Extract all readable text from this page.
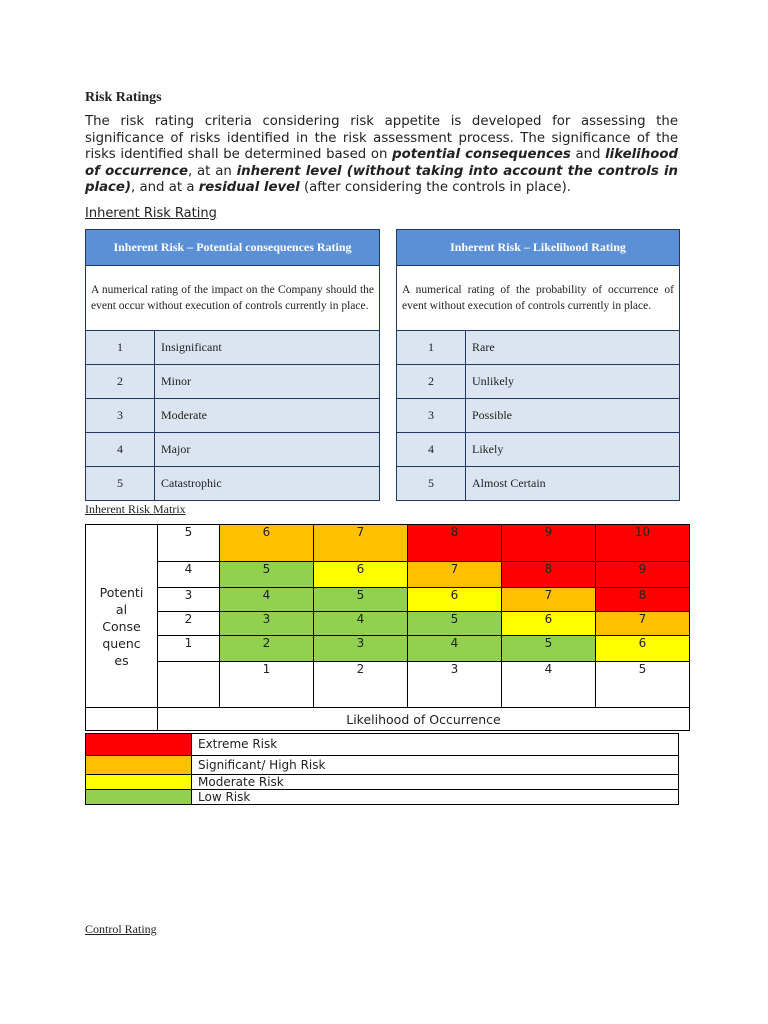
Risk Ratings

The risk rating criteria considering risk appetite is developed for assessing the significance of risks identified in the risk assessment process. The significance of the risks identified shall be determined based on potential consequences and likelihood of occurrence, at an inherent level (without taking into account the controls in place), and at a residual level (after considering the controls in place).

Inherent Risk Rating
Inherent Risk – Potential consequences Rating	
A numerical rating of the impact on the Company should the event occur without execution of controls currently in place.	
1	Insignificant
2	Minor
3	Moderate
4	Major
5	Catastrophic
Inherent Risk – Likelihood Rating	
A numerical rating of the probability of occurrence of event without execution of controls currently in place.	
1	Rare
2	Unlikely
3	Possible
4	Likely
5	Almost Certain
Inherent Risk Matrix
Potenti
al
Conse
quenc
es	5	6	7	8	9	10
	4	5	6	7	8	9
	3	4	5	6	7	8
	2	3	4	5	6	7
	1	2	3	4	5	6
		1	2	3	4	5
	Likelihood of Occurrence					
	Extreme Risk
	Significant/ High Risk
	Moderate Risk
	Low Risk
Control Rating
